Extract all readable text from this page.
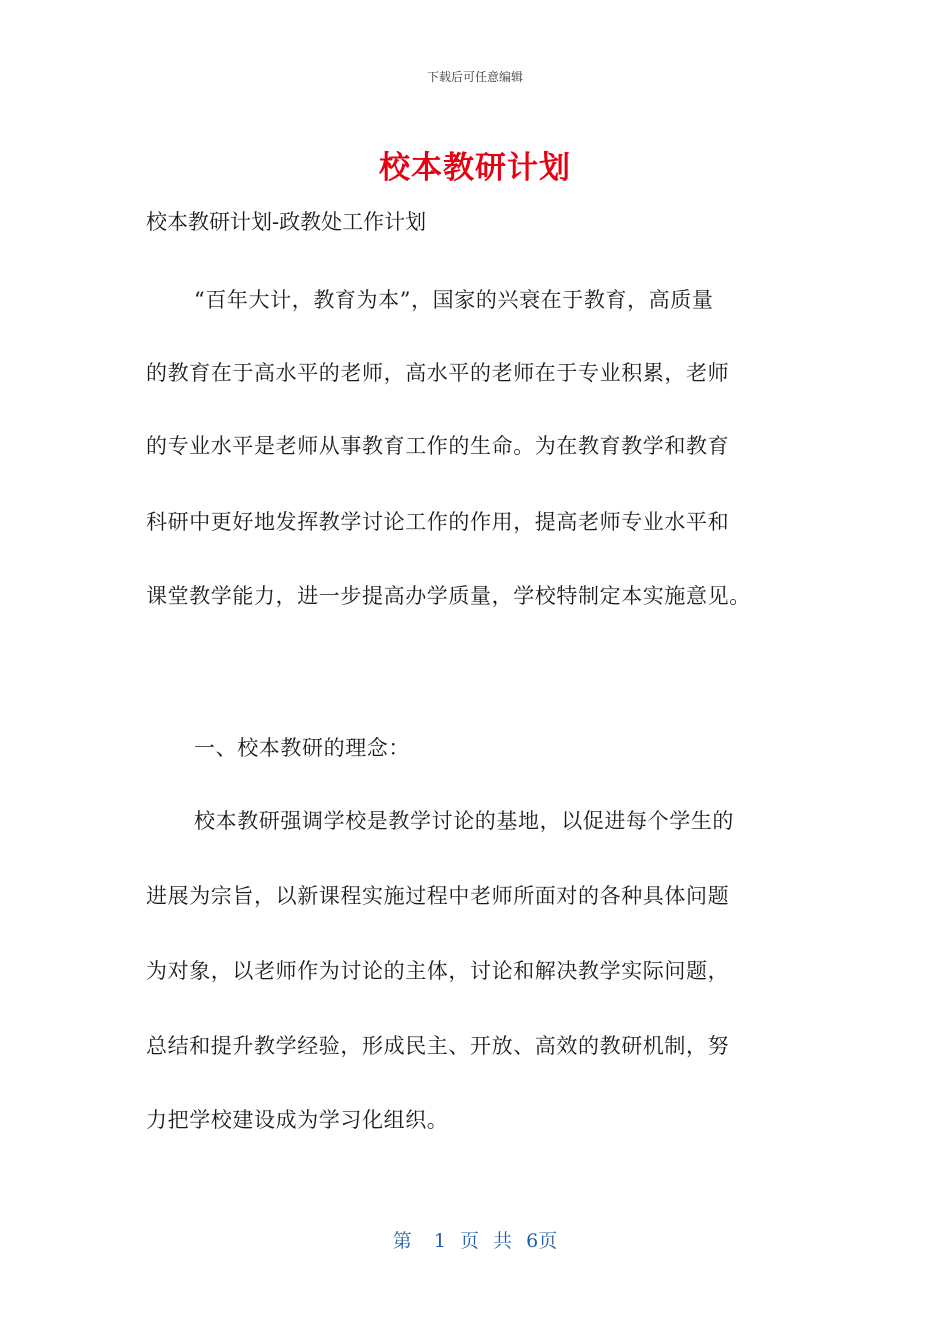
下载后可任意编辑
校本教研计划
校本教研计划-政教处工作计划
“百年大计，教育为本”，国家的兴衰在于教育，高质量
的教育在于高水平的老师，高水平的老师在于专业积累，老师
的专业水平是老师从事教育工作的生命。为在教育教学和教育
科研中更好地发挥教学讨论工作的作用，提高老师专业水平和
课堂教学能力，进一步提高办学质量，学校特制定本实施意见。
一、校本教研的理念：
校本教研强调学校是教学讨论的基地，以促进每个学生的
进展为宗旨，以新课程实施过程中老师所面对的各种具体问题
为对象，以老师作为讨论的主体，讨论和解决教学实际问题，
总结和提升教学经验，形成民主、开放、高效的教研机制，努
力把学校建设成为学习化组织。
第 1 页 共 6页
